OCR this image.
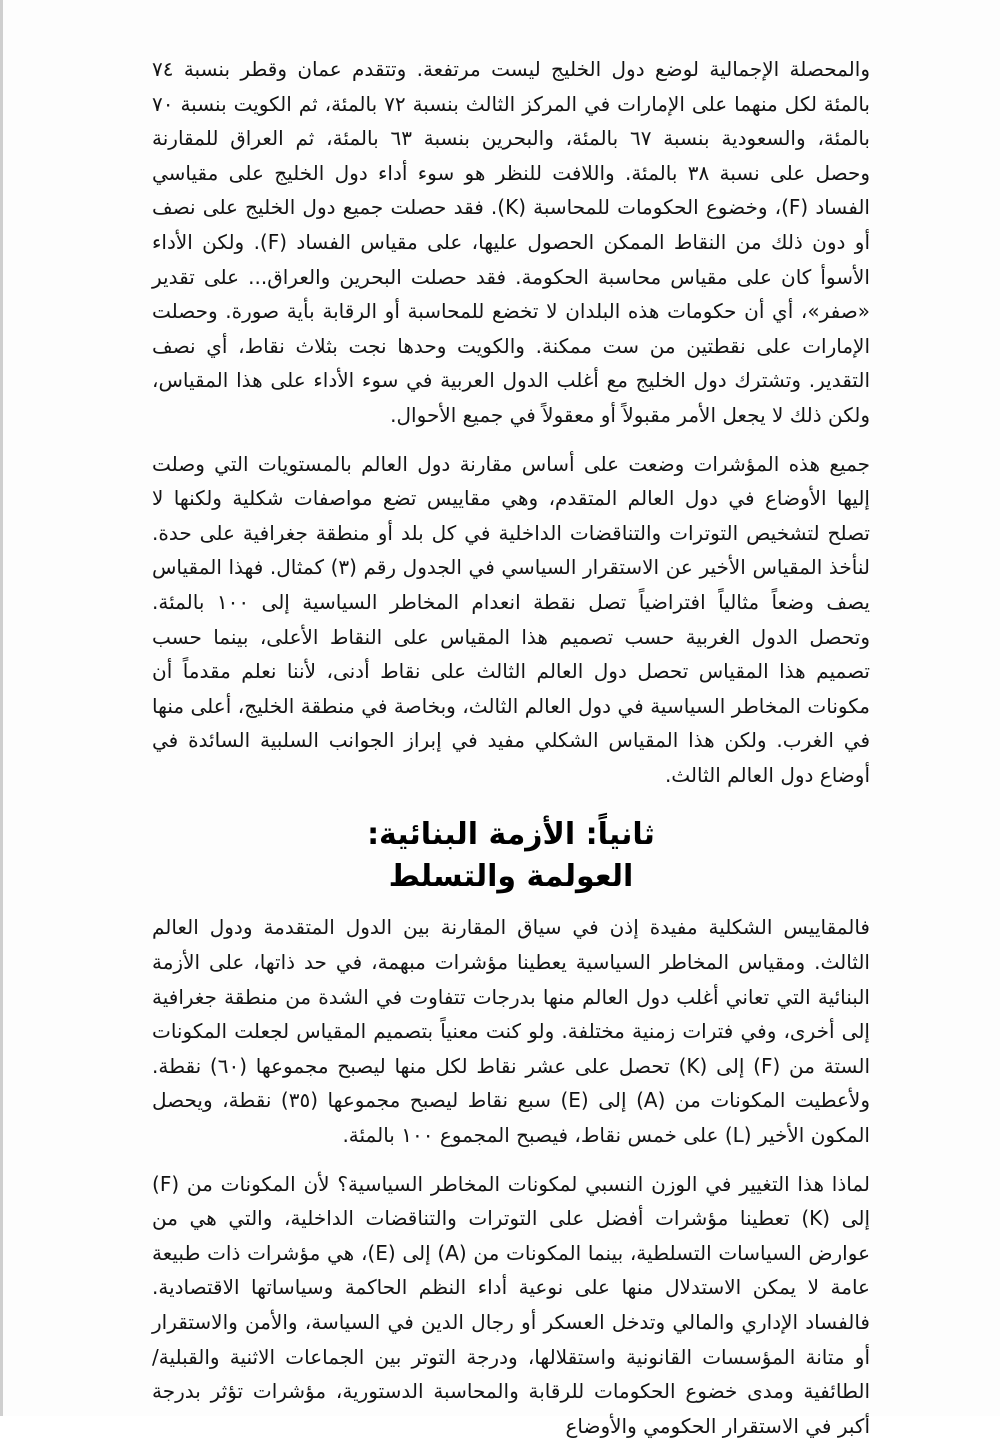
والمحصلة الإجمالية لوضع دول الخليج ليست مرتفعة. وتتقدم عمان وقطر بنسبة ٧٤ بالمئة لكل منهما على الإمارات في المركز الثالث بنسبة ٧٢ بالمئة، ثم الكويت بنسبة ٧٠ بالمئة، والسعودية بنسبة ٦٧ بالمئة، والبحرين بنسبة ٦٣ بالمئة، ثم العراق للمقارنة وحصل على نسبة ٣٨ بالمئة. واللافت للنظر هو سوء أداء دول الخليج على مقياسي الفساد (F)، وخضوع الحكومات للمحاسبة (K). فقد حصلت جميع دول الخليج على نصف أو دون ذلك من النقاط الممكن الحصول عليها، على مقياس الفساد (F). ولكن الأداء الأسوأ كان على مقياس محاسبة الحكومة. فقد حصلت البحرين والعراق... على تقدير «صفر»، أي أن حكومات هذه البلدان لا تخضع للمحاسبة أو الرقابة بأية صورة. وحصلت الإمارات على نقطتين من ست ممكنة. والكويت وحدها نجت بثلاث نقاط، أي نصف التقدير. وتشترك دول الخليج مع أغلب الدول العربية في سوء الأداء على هذا المقياس، ولكن ذلك لا يجعل الأمر مقبولاً أو معقولاً في جميع الأحوال.

جميع هذه المؤشرات وضعت على أساس مقارنة دول العالم بالمستويات التي وصلت إليها الأوضاع في دول العالم المتقدم، وهي مقاييس تضع مواصفات شكلية ولكنها لا تصلح لتشخيص التوترات والتناقضات الداخلية في كل بلد أو منطقة جغرافية على حدة. لنأخذ المقياس الأخير عن الاستقرار السياسي في الجدول رقم (٣) كمثال. فهذا المقياس يصف وضعاً مثالياً افتراضياً تصل نقطة انعدام المخاطر السياسية إلى ١٠٠ بالمئة. وتحصل الدول الغربية حسب تصميم هذا المقياس على النقاط الأعلى، بينما حسب تصميم هذا المقياس تحصل دول العالم الثالث على نقاط أدنى، لأننا نعلم مقدماً أن مكونات المخاطر السياسية في دول العالم الثالث، وبخاصة في منطقة الخليج، أعلى منها في الغرب. ولكن هذا المقياس الشكلي مفيد في إبراز الجوانب السلبية السائدة في أوضاع دول العالم الثالث.

ثانياً: الأزمة البنائية:
العولمة والتسلط

فالمقاييس الشكلية مفيدة إذن في سياق المقارنة بين الدول المتقدمة ودول العالم الثالث. ومقياس المخاطر السياسية يعطينا مؤشرات مبهمة، في حد ذاتها، على الأزمة البنائية التي تعاني أغلب دول العالم منها بدرجات تتفاوت في الشدة من منطقة جغرافية إلى أخرى، وفي فترات زمنية مختلفة. ولو كنت معنياً بتصميم المقياس لجعلت المكونات الستة من (F) إلى (K) تحصل على عشر نقاط لكل منها ليصبح مجموعها (٦٠) نقطة. ولأعطيت المكونات من (A) إلى (E) سبع نقاط ليصبح مجموعها (٣٥) نقطة، ويحصل المكون الأخير (L) على خمس نقاط، فيصبح المجموع ١٠٠ بالمئة.

لماذا هذا التغيير في الوزن النسبي لمكونات المخاطر السياسية؟ لأن المكونات من (F) إلى (K) تعطينا مؤشرات أفضل على التوترات والتناقضات الداخلية، والتي هي من عوارض السياسات التسلطية، بينما المكونات من (A) إلى (E)، هي مؤشرات ذات طبيعة عامة لا يمكن الاستدلال منها على نوعية أداء النظم الحاكمة وسياساتها الاقتصادية. فالفساد الإداري والمالي وتدخل العسكر أو رجال الدين في السياسة، والأمن والاستقرار أو متانة المؤسسات القانونية واستقلالها، ودرجة التوتر بين الجماعات الاثنية والقبلية/الطائفية ومدى خضوع الحكومات للرقابة والمحاسبة الدستورية، مؤشرات تؤثر بدرجة أكبر في الاستقرار الحكومي والأوضاع
